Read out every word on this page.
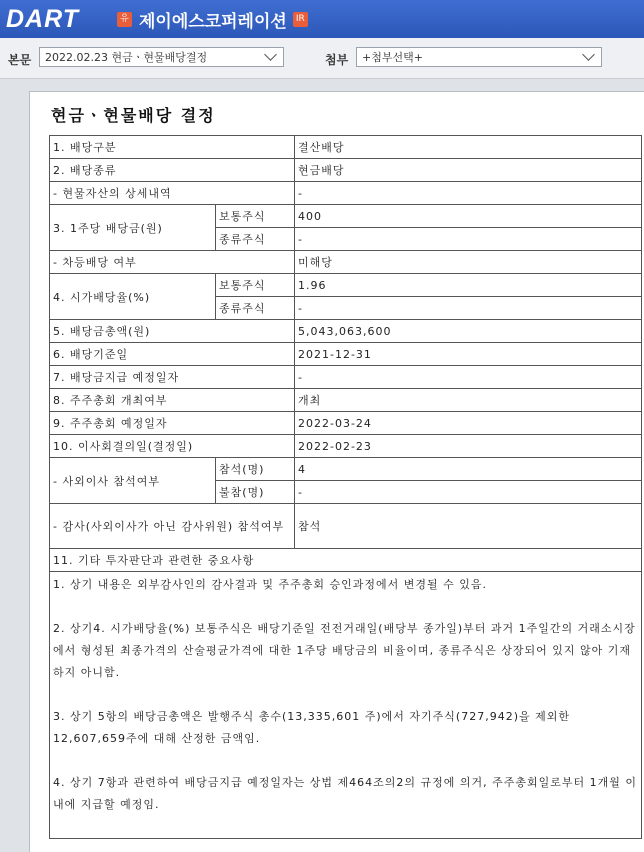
DART	유 제이에스코퍼레이션	IR
본문	2022.02.23 현금ㆍ현물배당결정	첨부	+첨부선택+
현금ㆍ현물배당 결정
1. 배당구분		결산배당
2. 배당종류		현금배당
- 현물자산의 상세내역		-
3. 1주당 배당금(원)	보통주식	400
	종류주식	-
- 차등배당 여부		미해당
4. 시가배당율(%)	보통주식	1.96
	종류주식	-
5. 배당금총액(원)		5,043,063,600
6. 배당기준일		2021-12-31
7. 배당금지급 예정일자		-
8. 주주총회 개최여부		개최
9. 주주총회 예정일자		2022-03-24
10. 이사회결의일(결정일)		2022-02-23
- 사외이사 참석여부	참석(명)	4
	불참(명)	-
- 감사(사외이사가 아닌 감사위원) 참석여부		참석
11. 기타 투자판단과 관련한 중요사항		

1. 상기 내용은 외부감사인의 감사결과 및 주주총회 승인과정에서 변경될 수 있음.
2. 상기4. 시가배당율(%) 보통주식은 배당기준일 전전거래일(배당부 종가일)부터 과거 1주일간의 거래소시장에서 형성된 최종가격의 산술평균가격에 대한 1주당 배당금의 비율이며, 종류주식은 상장되어 있지 않아 기재하지 아니함.
3. 상기 5항의 배당금총액은 발행주식 총수(13,335,601 주)에서 자기주식(727,942)을 제외한 12,607,659주에 대해 산정한 금액임.
4. 상기 7항과 관련하여 배당금지급 예정일자는 상법 제464조의2의 규정에 의거, 주주총회일로부터 1개월 이내에 지급할 예정임.		
